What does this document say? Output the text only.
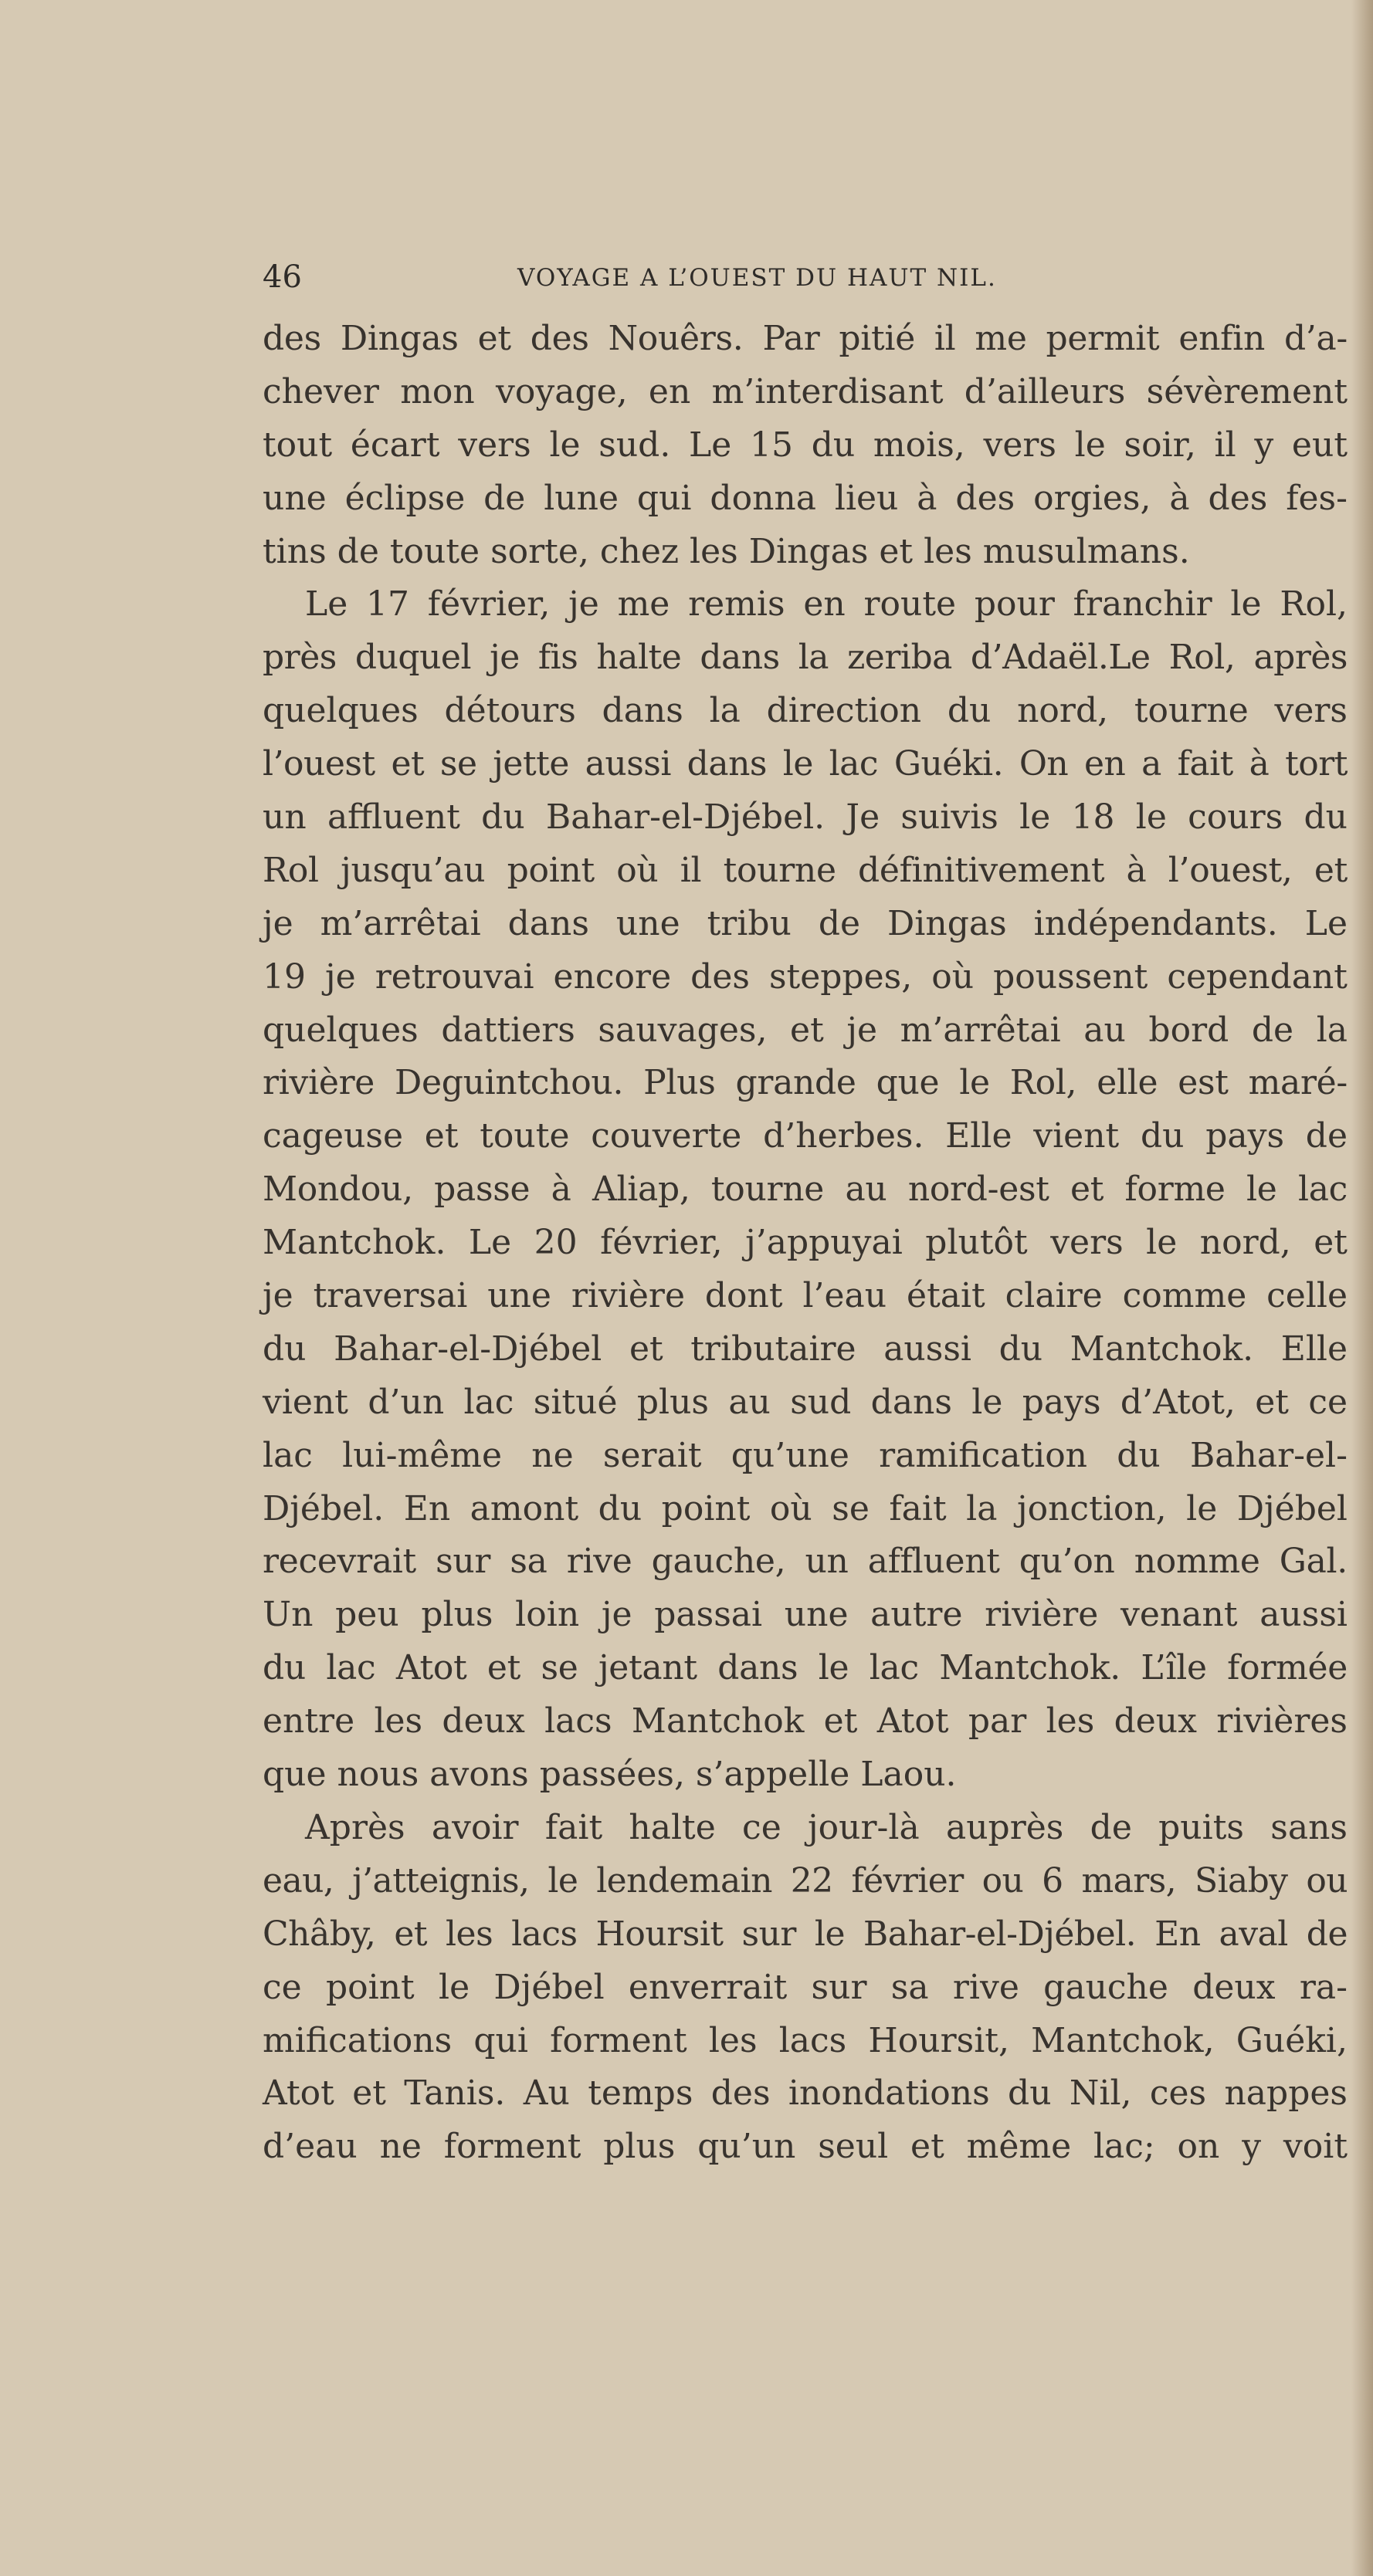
46	VOYAGE A L’OUEST DU HAUT NIL.
des Dingas et des Nouêrs. Par pitié il me permit enfin d’a-
chever mon voyage, en m’interdisant d’ailleurs sévèrement
tout écart vers le sud. Le 15 du mois, vers le soir, il y eut
une éclipse de lune qui donna lieu à des orgies, à des fes-
tins de toute sorte, chez les Dingas et les musulmans.
Le 17 février, je me remis en route pour franchir le Rol,
près duquel je fis halte dans la zeriba d’Adaël.Le Rol, après
quelques détours dans la direction du nord, tourne vers
l’ouest et se jette aussi dans le lac Guéki. On en a fait à tort
un affluent du Bahar-el-Djébel. Je suivis le 18 le cours du
Rol jusqu’au point où il tourne définitivement à l’ouest, et
je m’arrêtai dans une tribu de Dingas indépendants. Le
19 je retrouvai encore des steppes, où poussent cependant
quelques dattiers sauvages, et je m’arrêtai au bord de la
rivière Deguintchou. Plus grande que le Rol, elle est maré-
cageuse et toute couverte d’herbes. Elle vient du pays de
Mondou, passe à Aliap, tourne au nord-est et forme le lac
Mantchok. Le 20 février, j’appuyai plutôt vers le nord, et
je traversai une rivière dont l’eau était claire comme celle
du Bahar-el-Djébel et tributaire aussi du Mantchok. Elle
vient d’un lac situé plus au sud dans le pays d’Atot, et ce
lac lui-même ne serait qu’une ramification du Bahar-el-
Djébel. En amont du point où se fait la jonction, le Djébel
recevrait sur sa rive gauche, un affluent qu’on nomme Gal.
Un peu plus loin je passai une autre rivière venant aussi
du lac Atot et se jetant dans le lac Mantchok. L’île formée
entre les deux lacs Mantchok et Atot par les deux rivières
que nous avons passées, s’appelle Laou.
Après avoir fait halte ce jour-là auprès de puits sans
eau, j’atteignis, le lendemain 22 février ou 6 mars, Siaby ou
Châby, et les lacs Hoursit sur le Bahar-el-Djébel. En aval de
ce point le Djébel enverrait sur sa rive gauche deux ra-
mifications qui forment les lacs Hoursit, Mantchok, Guéki,
Atot et Tanis. Au temps des inondations du Nil, ces nappes
d’eau ne forment plus qu’un seul et même lac; on y voit
